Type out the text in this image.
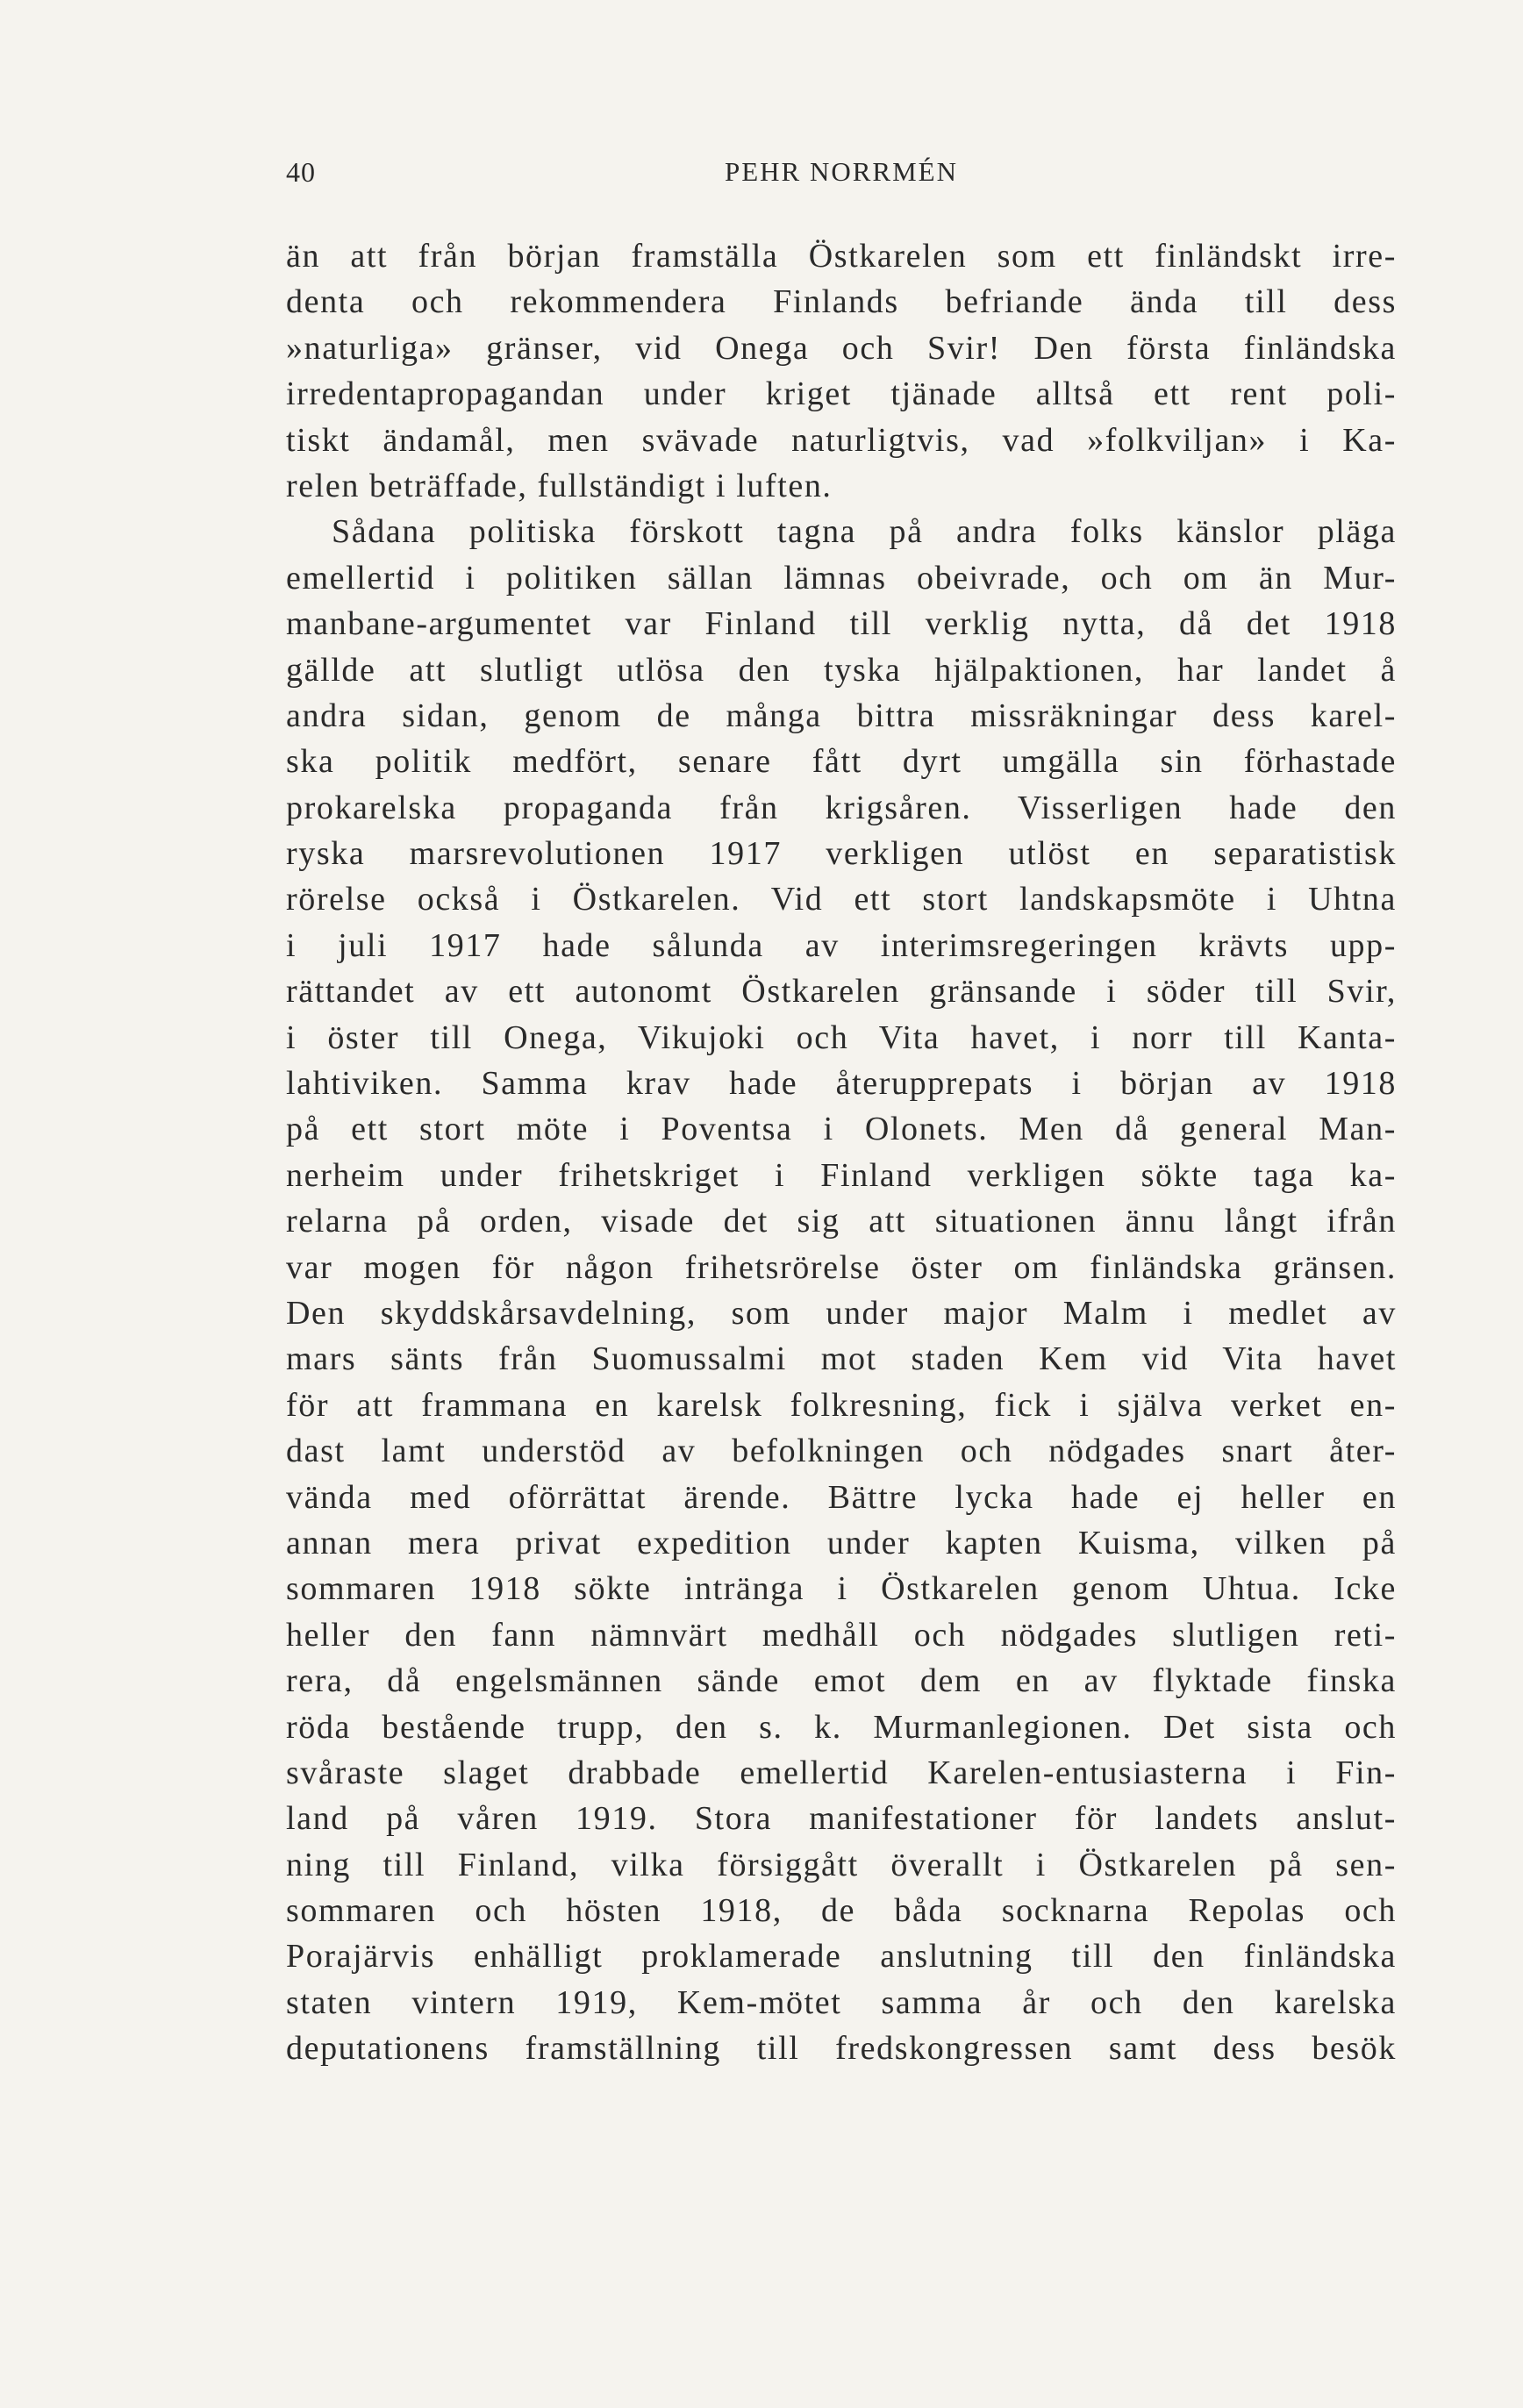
40	PEHR NORRMÉN
än att från början framställa Östkarelen som ett finländskt irre-
denta och rekommendera Finlands befriande ända till dess
»naturliga» gränser, vid Onega och Svir! Den första finländska
irredentapropagandan under kriget tjänade alltså ett rent poli-
tiskt ändamål, men svävade naturligtvis, vad »folkviljan» i Ka-
relen beträffade, fullständigt i luften.
Sådana politiska förskott tagna på andra folks känslor pläga
emellertid i politiken sällan lämnas obeivrade, och om än Mur-
manbane-argumentet var Finland till verklig nytta, då det 1918
gällde att slutligt utlösa den tyska hjälpaktionen, har landet å
andra sidan, genom de många bittra missräkningar dess karel-
ska politik medfört, senare fått dyrt umgälla sin förhastade
prokarelska propaganda från krigsåren. Visserligen hade den
ryska marsrevolutionen 1917 verkligen utlöst en separatistisk
rörelse också i Östkarelen. Vid ett stort landskapsmöte i Uhtna
i juli 1917 hade sålunda av interimsregeringen krävts upp-
rättandet av ett autonomt Östkarelen gränsande i söder till Svir,
i öster till Onega, Vikujoki och Vita havet, i norr till Kanta-
lahtiviken. Samma krav hade återupprepats i början av 1918
på ett stort möte i Poventsa i Olonets. Men då general Man-
nerheim under frihetskriget i Finland verkligen sökte taga ka-
relarna på orden, visade det sig att situationen ännu långt ifrån
var mogen för någon frihetsrörelse öster om finländska gränsen.
Den skyddskårsavdelning, som under major Malm i medlet av
mars sänts från Suomussalmi mot staden Kem vid Vita havet
för att frammana en karelsk folkresning, fick i själva verket en-
dast lamt understöd av befolkningen och nödgades snart åter-
vända med oförrättat ärende. Bättre lycka hade ej heller en
annan mera privat expedition under kapten Kuisma, vilken på
sommaren 1918 sökte intränga i Östkarelen genom Uhtua. Icke
heller den fann nämnvärt medhåll och nödgades slutligen reti-
rera, då engelsmännen sände emot dem en av flyktade finska
röda bestående trupp, den s. k. Murmanlegionen. Det sista och
svåraste slaget drabbade emellertid Karelen-entusiasterna i Fin-
land på våren 1919. Stora manifestationer för landets anslut-
ning till Finland, vilka försiggått överallt i Östkarelen på sen-
sommaren och hösten 1918, de båda socknarna Repolas och
Porajärvis enhälligt proklamerade anslutning till den finländska
staten vintern 1919, Kem-mötet samma år och den karelska
deputationens framställning till fredskongressen samt dess besök
